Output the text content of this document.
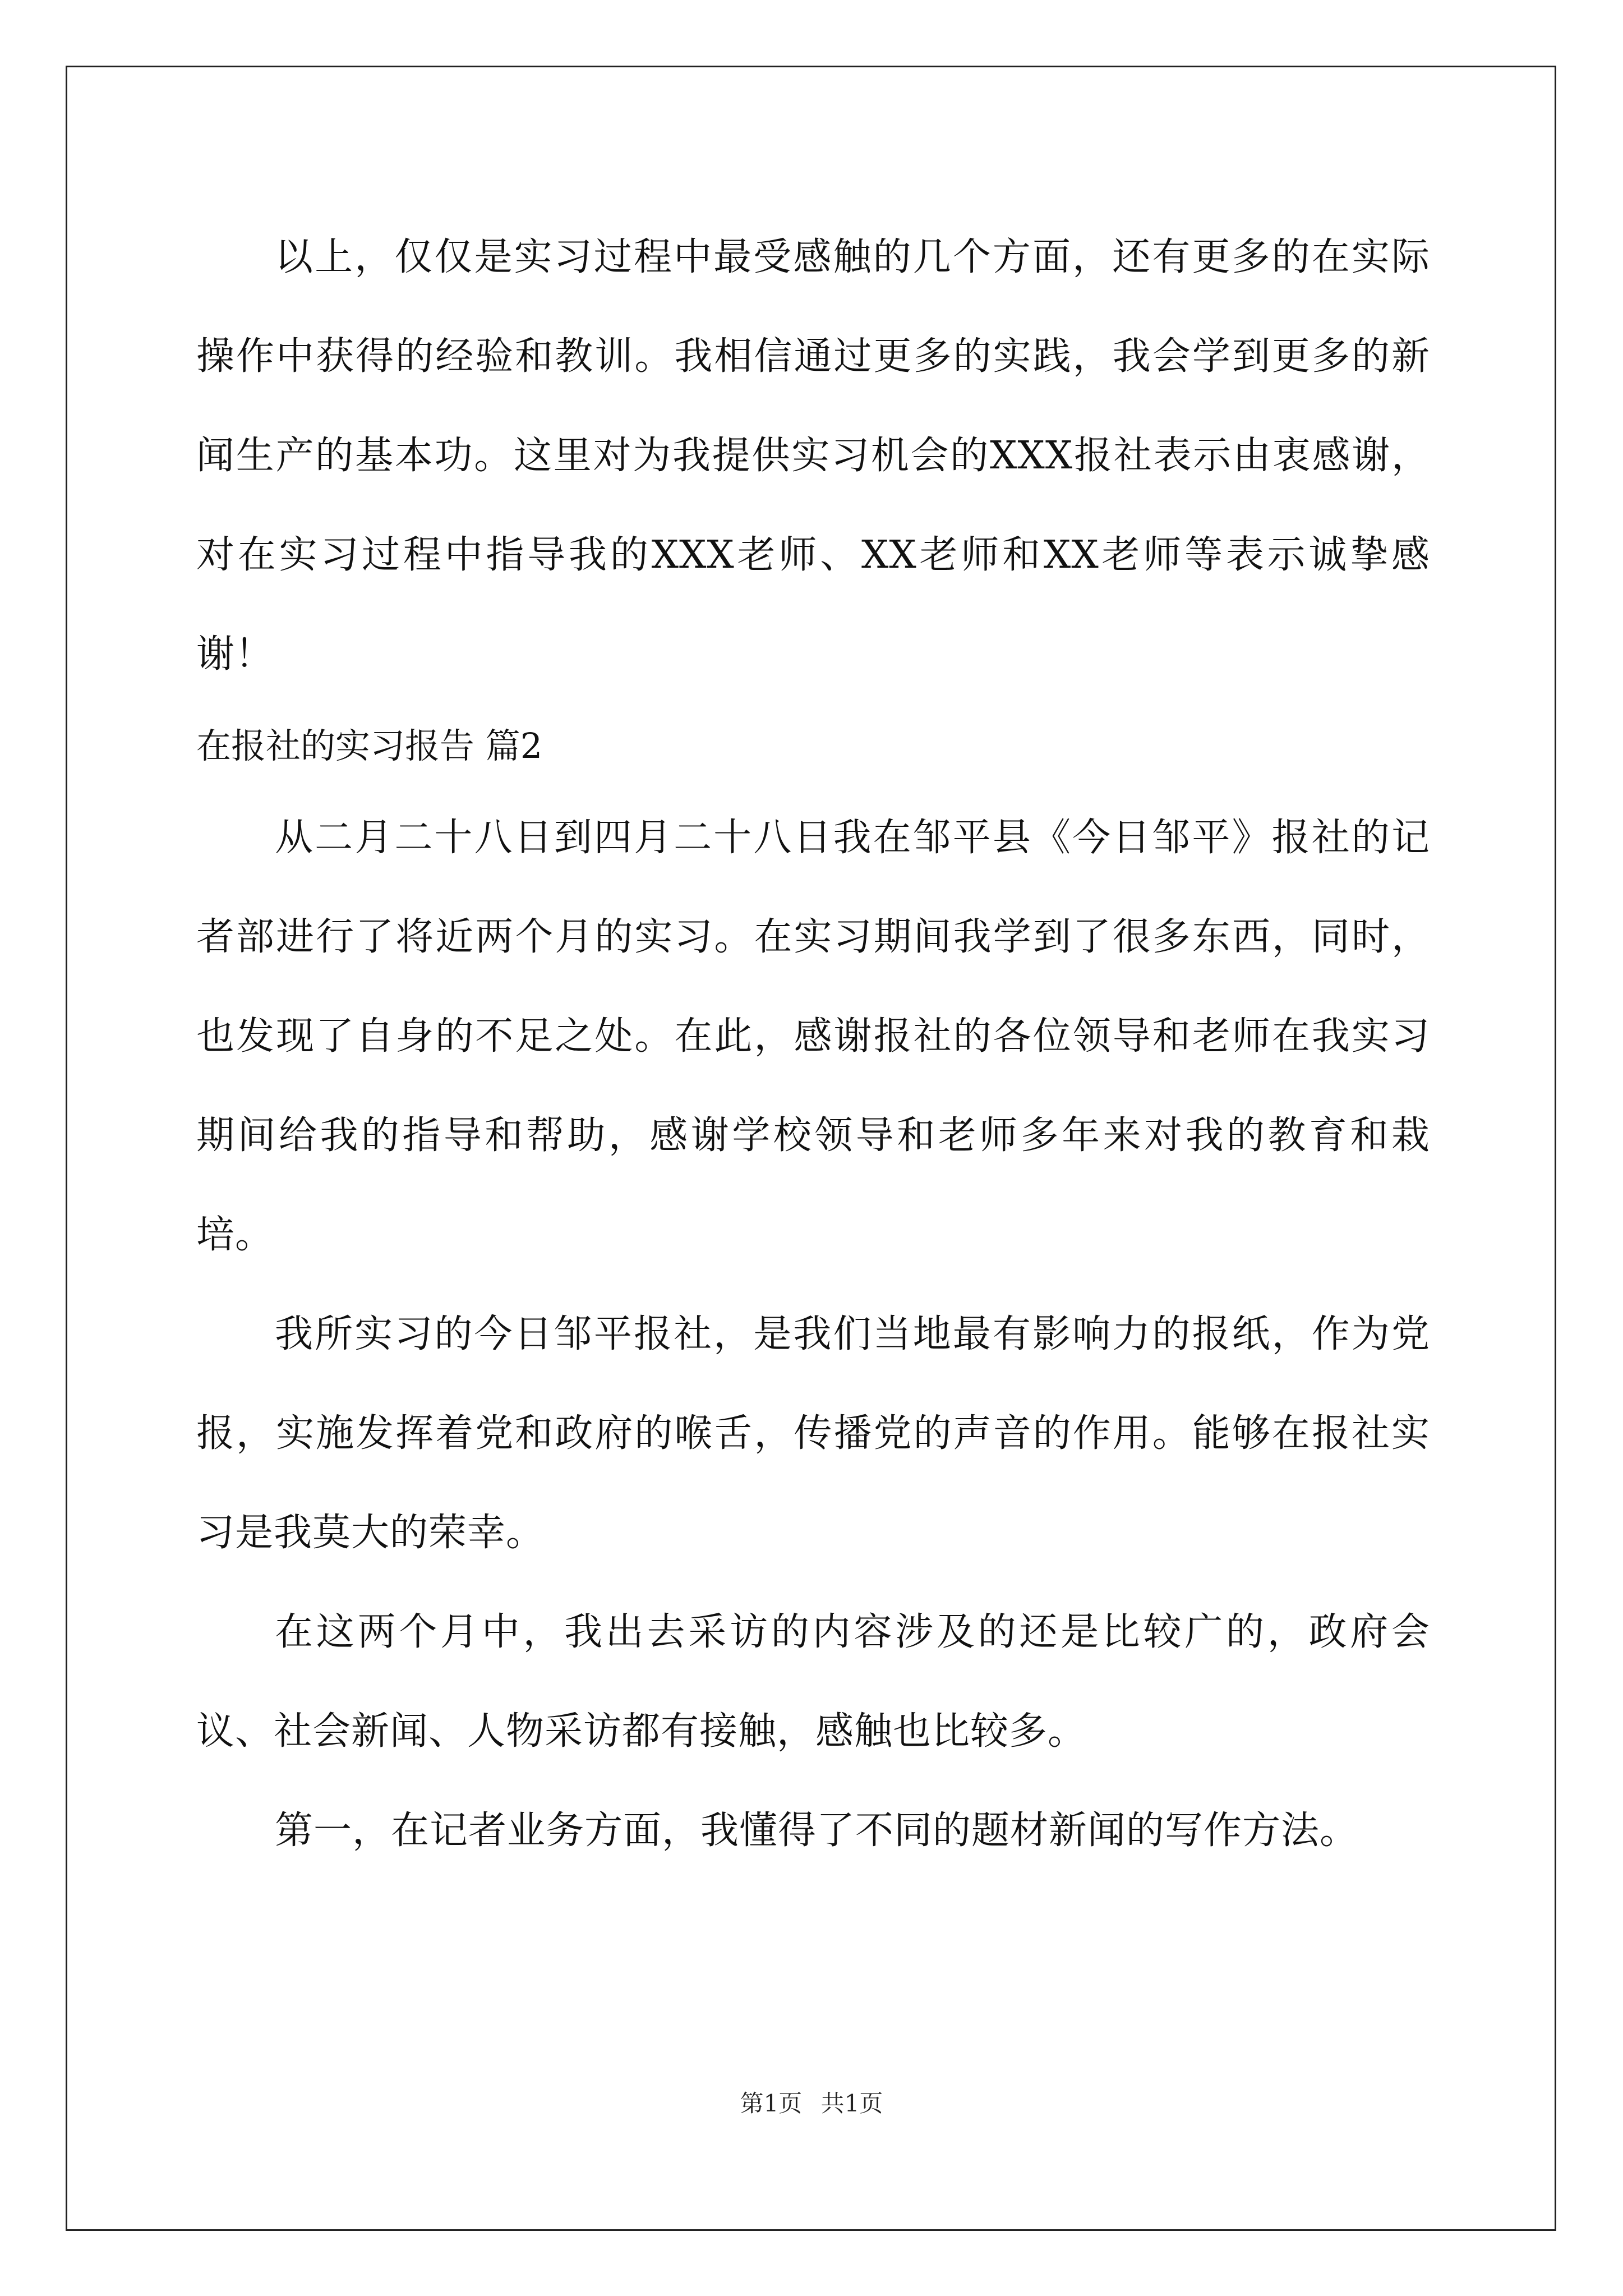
以上，仅仅是实习过程中最受感触的几个方面，还有更多的在实际操作中获得的经验和教训。我相信通过更多的实践，我会学到更多的新闻生产的基本功。这里对为我提供实习机会的XXX报社表示由衷感谢，对在实习过程中指导我的XXX老师、XX老师和XX老师等表示诚挚感谢！

在报社的实习报告 篇2

从二月二十八日到四月二十八日我在邹平县《今日邹平》报社的记者部进行了将近两个月的实习。在实习期间我学到了很多东西，同时，也发现了自身的不足之处。在此，感谢报社的各位领导和老师在我实习期间给我的指导和帮助，感谢学校领导和老师多年来对我的教育和栽培。

我所实习的今日邹平报社，是我们当地最有影响力的报纸，作为党报，实施发挥着党和政府的喉舌，传播党的声音的作用。能够在报社实习是我莫大的荣幸。

在这两个月中，我出去采访的内容涉及的还是比较广的，政府会议、社会新闻、人物采访都有接触，感触也比较多。

第一，在记者业务方面，我懂得了不同的题材新闻的写作方法。

第1页 共1页
